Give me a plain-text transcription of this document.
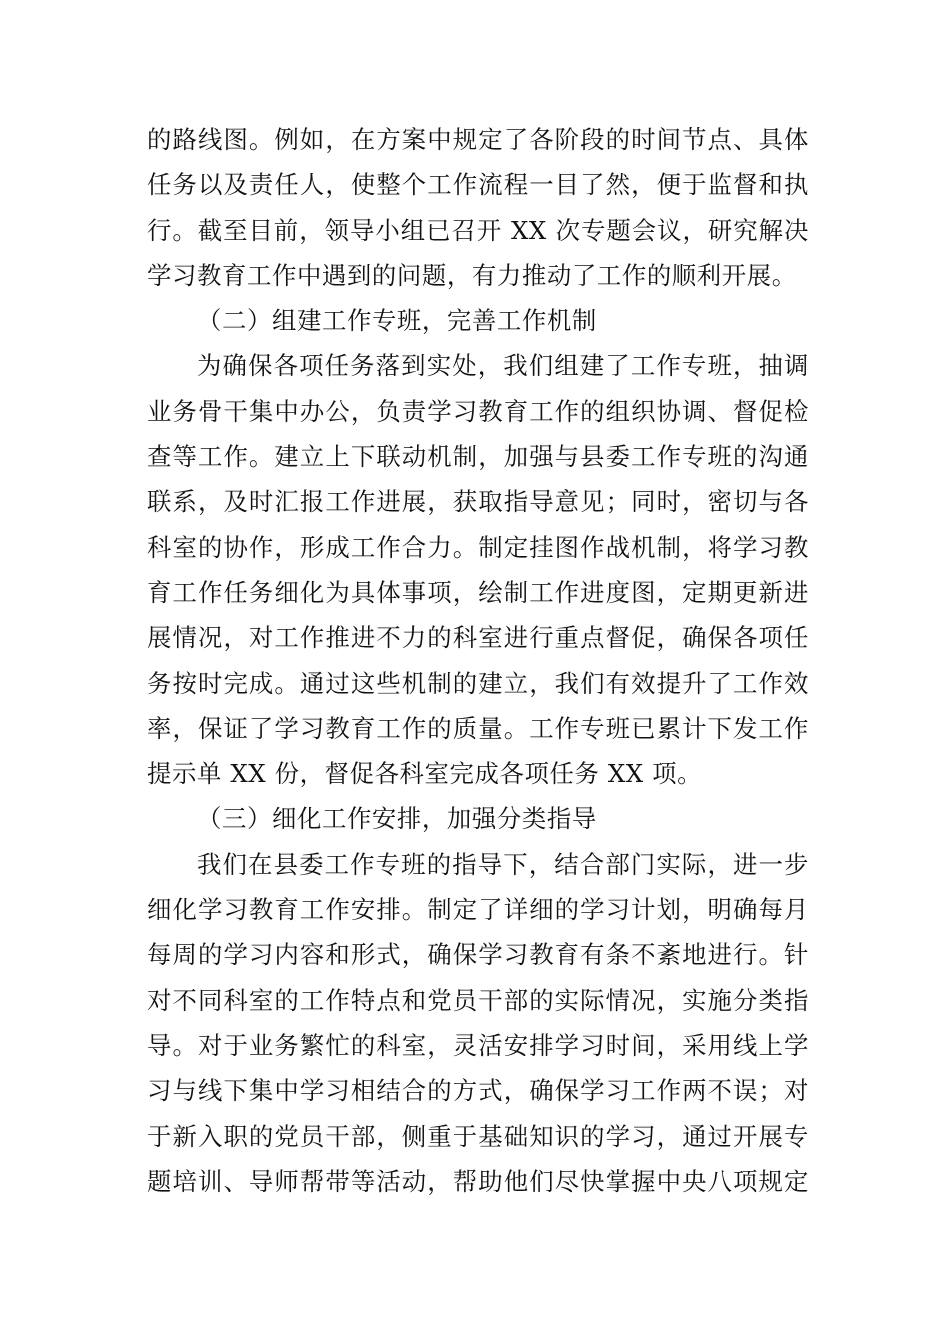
的路线图。例如，在方案中规定了各阶段的时间节点、具体
任务以及责任人，使整个工作流程一目了然，便于监督和执
行。截至目前，领导小组已召开 XX 次专题会议，研究解决
学习教育工作中遇到的问题，有力推动了工作的顺利开展。
（二）组建工作专班，完善工作机制
为确保各项任务落到实处，我们组建了工作专班，抽调
业务骨干集中办公，负责学习教育工作的组织协调、督促检
查等工作。建立上下联动机制，加强与县委工作专班的沟通
联系，及时汇报工作进展，获取指导意见；同时，密切与各
科室的协作，形成工作合力。制定挂图作战机制，将学习教
育工作任务细化为具体事项，绘制工作进度图，定期更新进
展情况，对工作推进不力的科室进行重点督促，确保各项任
务按时完成。通过这些机制的建立，我们有效提升了工作效
率，保证了学习教育工作的质量。工作专班已累计下发工作
提示单 XX 份，督促各科室完成各项任务 XX 项。
（三）细化工作安排，加强分类指导
我们在县委工作专班的指导下，结合部门实际，进一步
细化学习教育工作安排。制定了详细的学习计划，明确每月
每周的学习内容和形式，确保学习教育有条不紊地进行。针
对不同科室的工作特点和党员干部的实际情况，实施分类指
导。对于业务繁忙的科室，灵活安排学习时间，采用线上学
习与线下集中学习相结合的方式，确保学习工作两不误；对
于新入职的党员干部，侧重于基础知识的学习，通过开展专
题培训、导师帮带等活动，帮助他们尽快掌握中央八项规定
